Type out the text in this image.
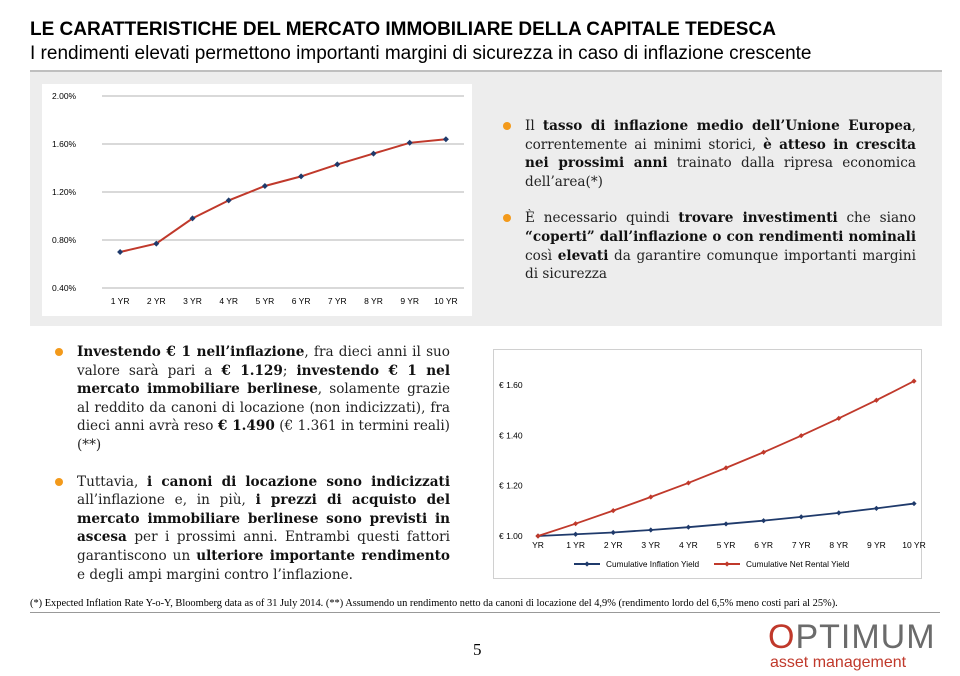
LE CARATTERISTICHE DEL MERCATO IMMOBILIARE DELLA CAPITALE TEDESCA
I rendimenti elevati permettono importanti margini di sicurezza in caso di inflazione crescente
0.40%
0.80%
1.20%
1.60%
2.00%
1 YR 2 YR 3 YR 4 YR 5 YR 6 YR 7 YR 8 YR 9 YR 10 YR

Il tasso di inflazione medio dell’Unione Europea, correntemente ai minimi storici, è atteso in crescita nei prossimi anni trainato dalla ripresa economica dell’area(*)

È necessario quindi trovare investimenti che siano “coperti” dall’inflazione o con rendimenti nominali così elevati da garantire comunque importanti margini di sicurezza

Investendo € 1 nell’inflazione, fra dieci anni il suo valore sarà pari a € 1.129; investendo € 1 nel mercato immobiliare berlinese, solamente grazie al reddito da canoni di locazione (non indicizzati), fra dieci anni avrà reso € 1.490 (€ 1.361 in termini reali)(**)

Tuttavia, i canoni di locazione sono indicizzati all’inflazione e, in più, i prezzi di acquisto del mercato immobiliare berlinese sono previsti in ascesa per i prossimi anni. Entrambi questi fattori garantiscono un ulteriore importante rendimento e degli ampi margini contro l’inflazione.

€ 1.00
€ 1.20
€ 1.40
€ 1.60
YR	1 YR 2 YR 3 YR 4 YR 5 YR 6 YR 7 YR 8 YR 9 YR 10 YR
Cumulative Inflation Yield	Cumulative Net Rental Yield
(*) Expected Inflation Rate Y-o-Y, Bloomberg data as of 31 July 2014. (**) Assumendo un rendimento netto da canoni di locazione del 4,9% (rendimento lordo del 6,5% meno costi pari al 25%).
5	OPTIMUM
asset management
